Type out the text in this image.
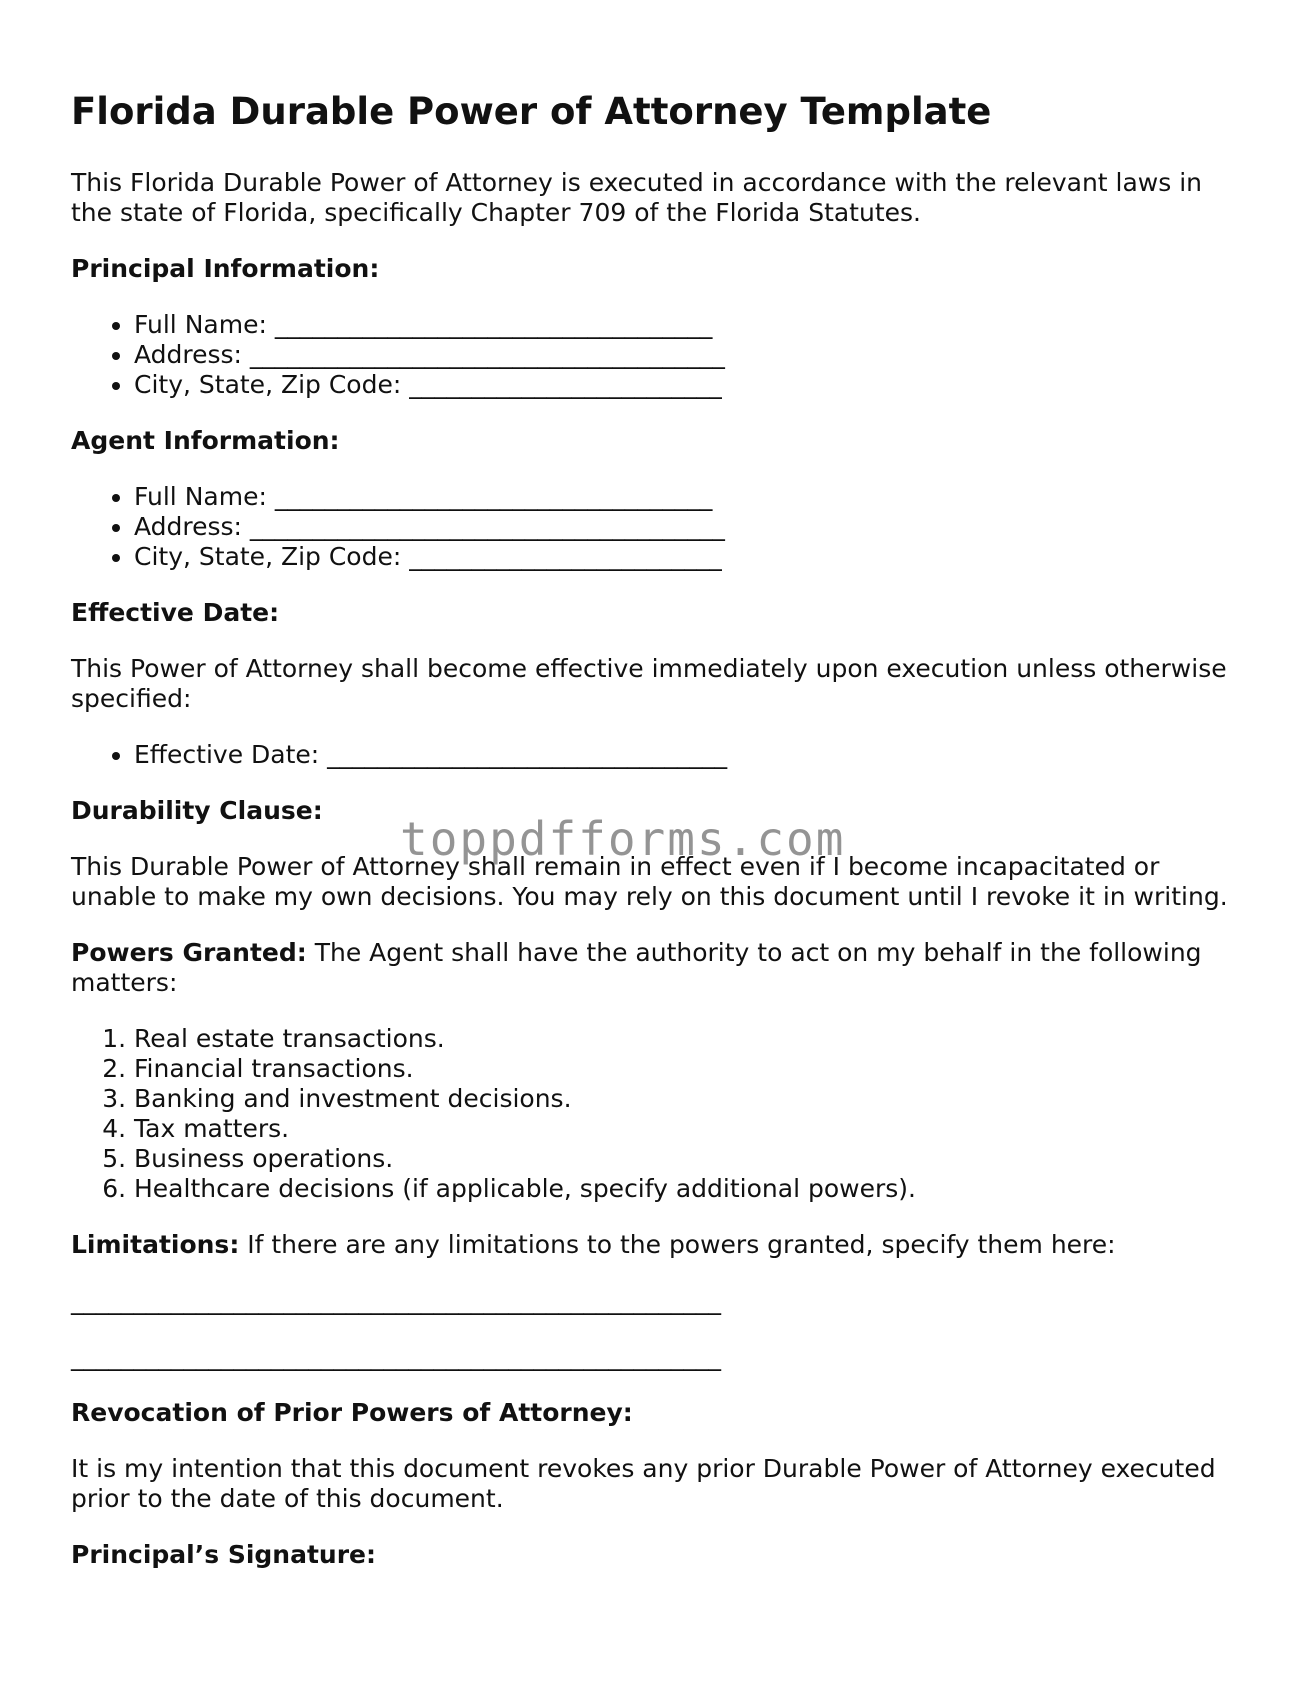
Florida Durable Power of Attorney Template

This Florida Durable Power of Attorney is executed in accordance with the relevant laws in the state of Florida, specifically Chapter 709 of the Florida Statutes.

Principal Information:

• Full Name: ___________________________________
• Address: ______________________________________
• City, State, Zip Code: _________________________

Agent Information:

• Full Name: ___________________________________
• Address: ______________________________________
• City, State, Zip Code: _________________________

Effective Date:

This Power of Attorney shall become effective immediately upon execution unless otherwise specified:

• Effective Date: ________________________________

Durability Clause:

This Durable Power of Attorney shall remain in effect even if I become incapacitated or unable to make my own decisions. You may rely on this document until I revoke it in writing.

Powers Granted: The Agent shall have the authority to act on my behalf in the following matters:

1. Real estate transactions.
2. Financial transactions.
3. Banking and investment decisions.
4. Tax matters.
5. Business operations.
6. Healthcare decisions (if applicable, specify additional powers).

Limitations: If there are any limitations to the powers granted, specify them here:

____________________________________________________
____________________________________________________

Revocation of Prior Powers of Attorney:

It is my intention that this document revokes any prior Durable Power of Attorney executed prior to the date of this document.

Principal’s Signature:

toppdfforms.com
